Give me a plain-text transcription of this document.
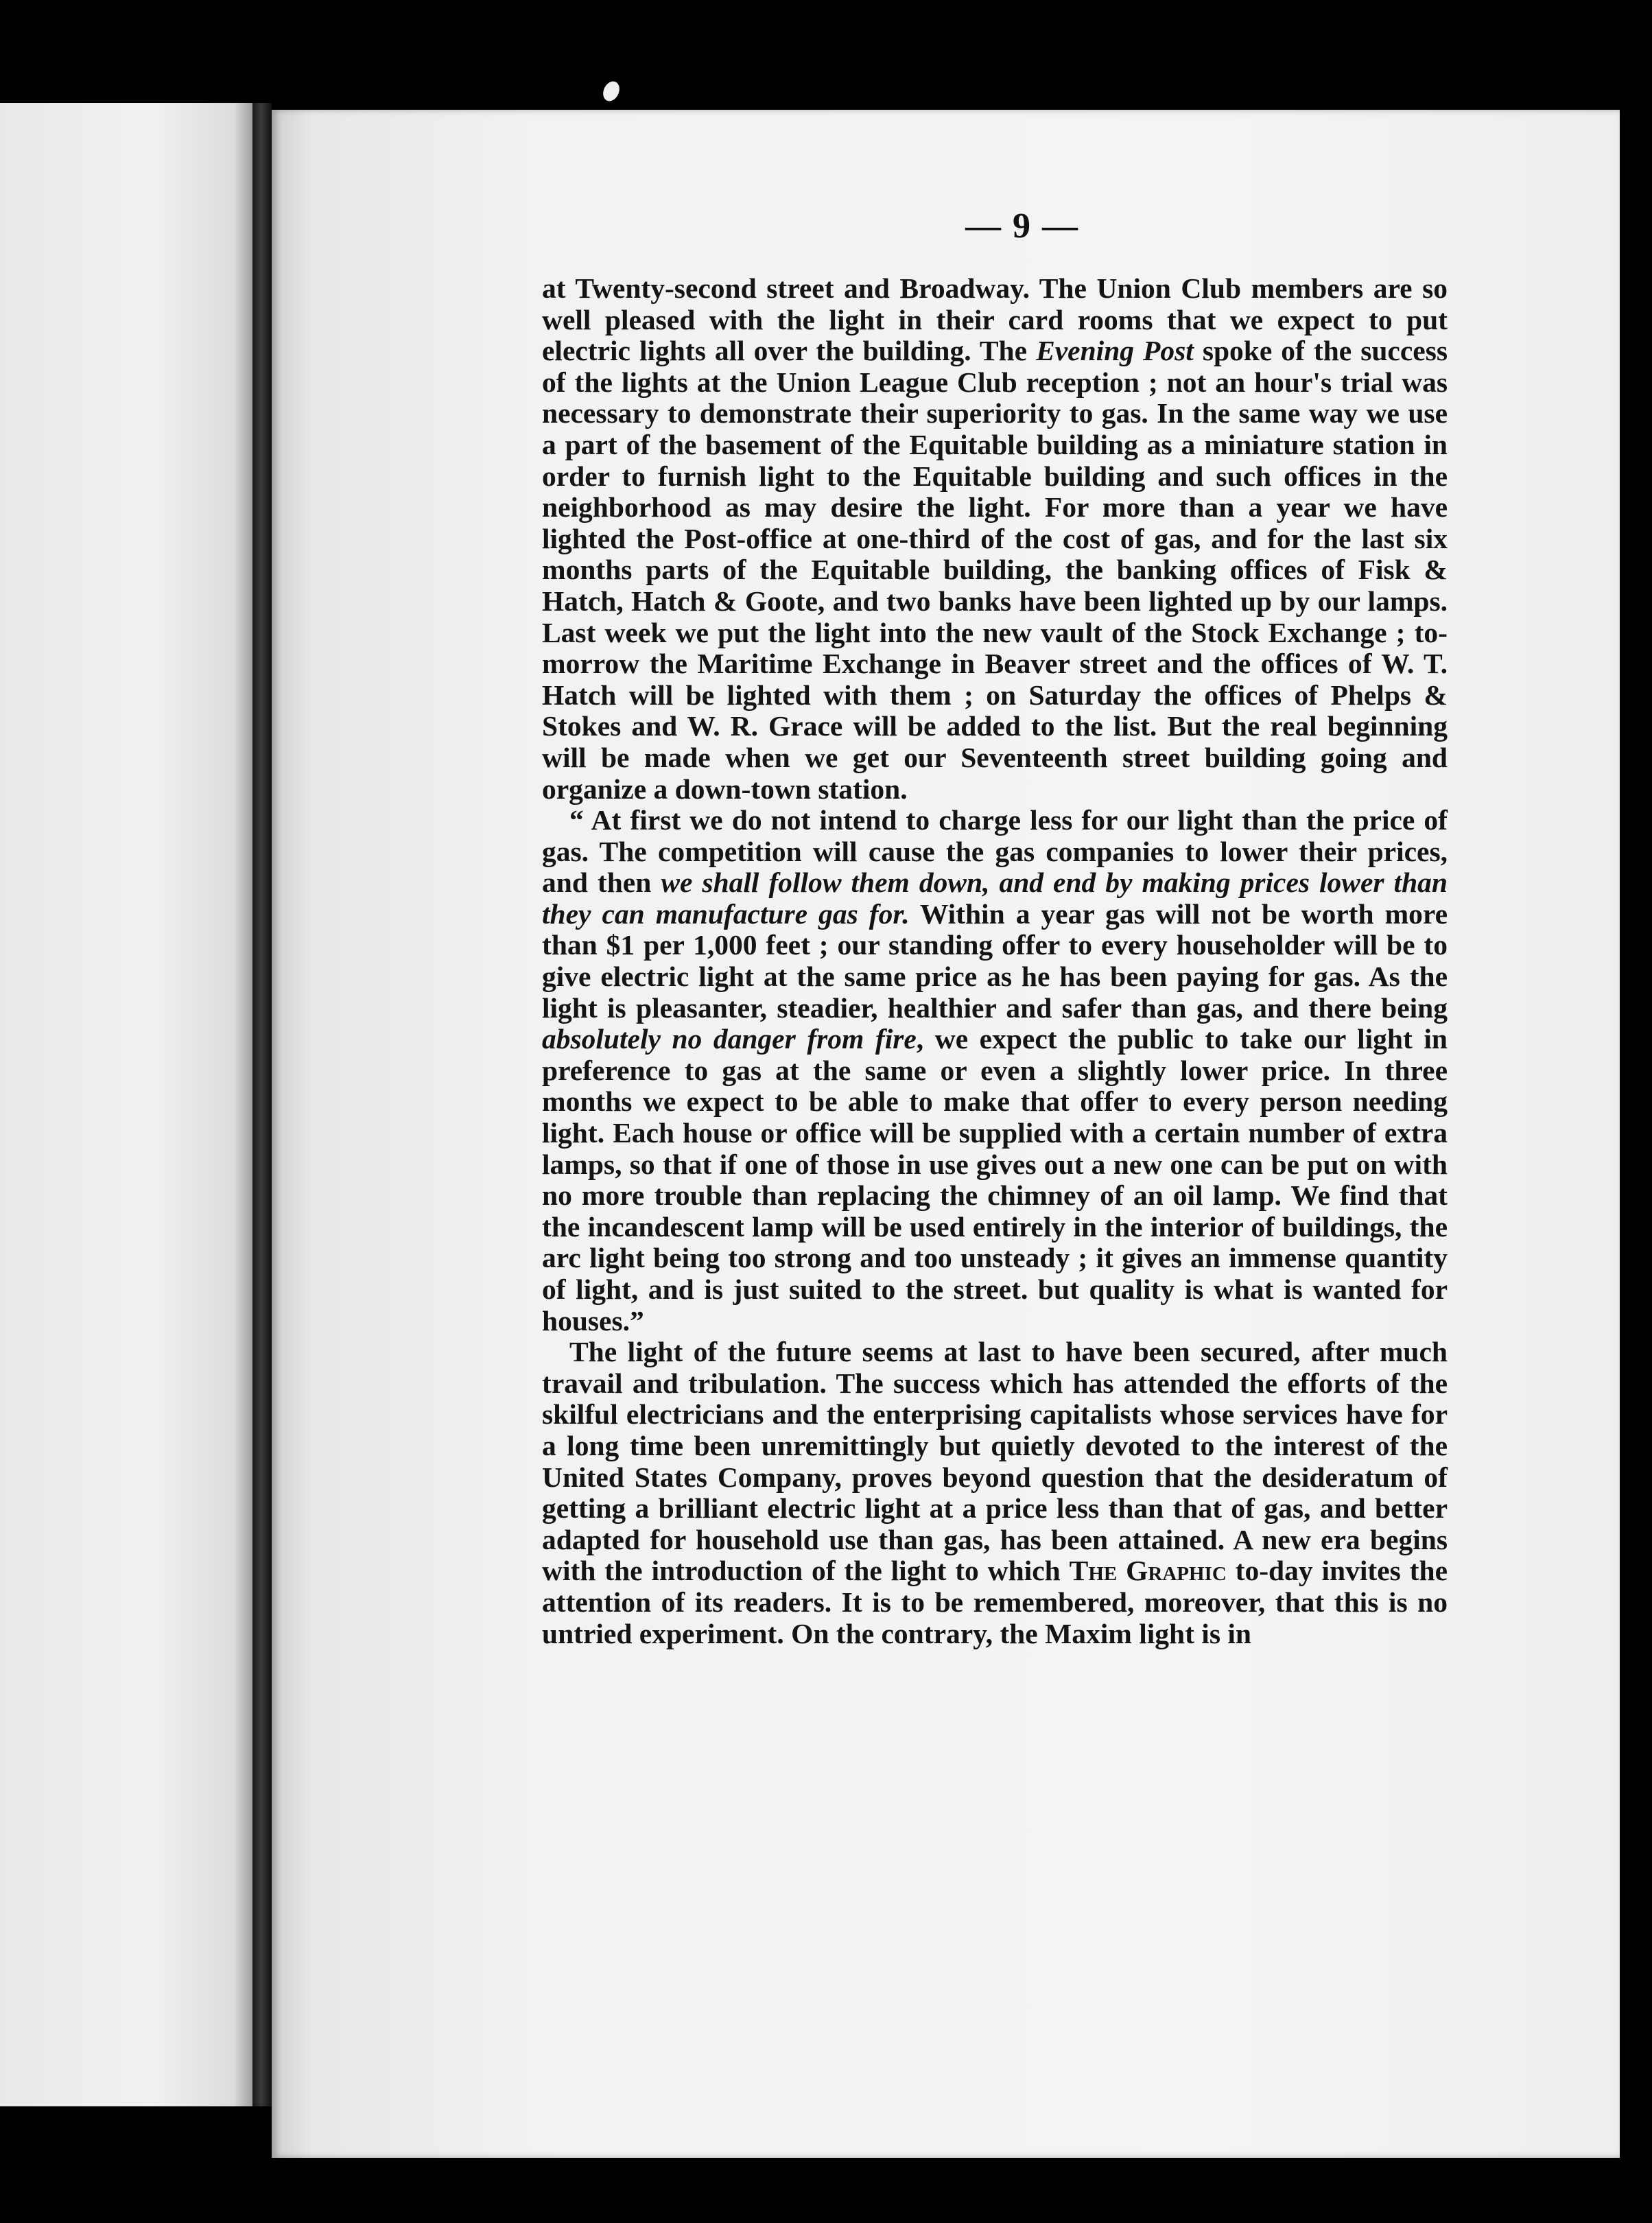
— 9 —

at Twenty-second street and Broadway. The Union Club members are so well pleased with the light in their card rooms that we expect to put electric lights all over the building. The Evening Post spoke of the success of the lights at the Union League Club reception ; not an hour's trial was necessary to demonstrate their superiority to gas. In the same way we use a part of the basement of the Equitable building as a miniature station in order to furnish light to the Equitable building and such offices in the neighborhood as may desire the light. For more than a year we have lighted the Post-office at one-third of the cost of gas, and for the last six months parts of the Equitable building, the banking offices of Fisk & Hatch, Hatch & Goote, and two banks have been lighted up by our lamps. Last week we put the light into the new vault of the Stock Exchange ; to-morrow the Maritime Exchange in Beaver street and the offices of W. T. Hatch will be lighted with them ; on Saturday the offices of Phelps & Stokes and W. R. Grace will be added to the list. But the real beginning will be made when we get our Seventeenth street building going and organize a down-town station.

“ At first we do not intend to charge less for our light than the price of gas. The competition will cause the gas companies to lower their prices, and then we shall follow them down, and end by making prices lower than they can manufacture gas for. Within a year gas will not be worth more than $1 per 1,000 feet ; our standing offer to every householder will be to give electric light at the same price as he has been paying for gas. As the light is pleasanter, steadier, healthier and safer than gas, and there being absolutely no danger from fire, we expect the public to take our light in preference to gas at the same or even a slightly lower price. In three months we expect to be able to make that offer to every person needing light. Each house or office will be supplied with a certain number of extra lamps, so that if one of those in use gives out a new one can be put on with no more trouble than replacing the chimney of an oil lamp. We find that the incandescent lamp will be used entirely in the interior of buildings, the arc light being too strong and too unsteady ; it gives an immense quantity of light, and is just suited to the street. but quality is what is wanted for houses.”

The light of the future seems at last to have been secured, after much travail and tribulation. The success which has attended the efforts of the skilful electricians and the enterprising capitalists whose services have for a long time been unremittingly but quietly devoted to the interest of the United States Company, proves beyond question that the desideratum of getting a brilliant electric light at a price less than that of gas, and better adapted for household use than gas, has been attained. A new era begins with the introduction of the light to which The Graphic to-day invites the attention of its readers. It is to be remembered, moreover, that this is no untried experiment. On the contrary, the Maxim light is in
